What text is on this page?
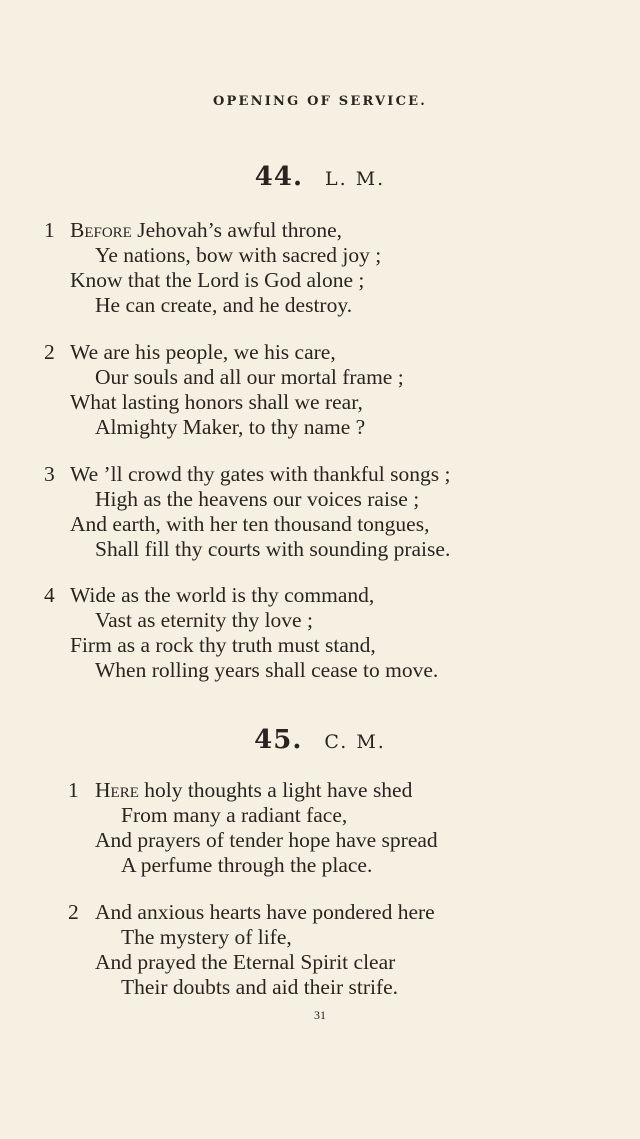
OPENING OF SERVICE.
44. L. M.
1 Before Jehovah’s awful throne,
Ye nations, bow with sacred joy ;
Know that the Lord is God alone ;
He can create, and he destroy.
2 We are his people, we his care,
Our souls and all our mortal frame ;
What lasting honors shall we rear,
Almighty Maker, to thy name ?
3 We ’ll crowd thy gates with thankful songs ;
High as the heavens our voices raise ;
And earth, with her ten thousand tongues,
Shall fill thy courts with sounding praise.
4 Wide as the world is thy command,
Vast as eternity thy love ;
Firm as a rock thy truth must stand,
When rolling years shall cease to move.
45. C. M.
1 Here holy thoughts a light have shed
From many a radiant face,
And prayers of tender hope have spread
A perfume through the place.
2 And anxious hearts have pondered here
The mystery of life,
And prayed the Eternal Spirit clear
Their doubts and aid their strife.
31
